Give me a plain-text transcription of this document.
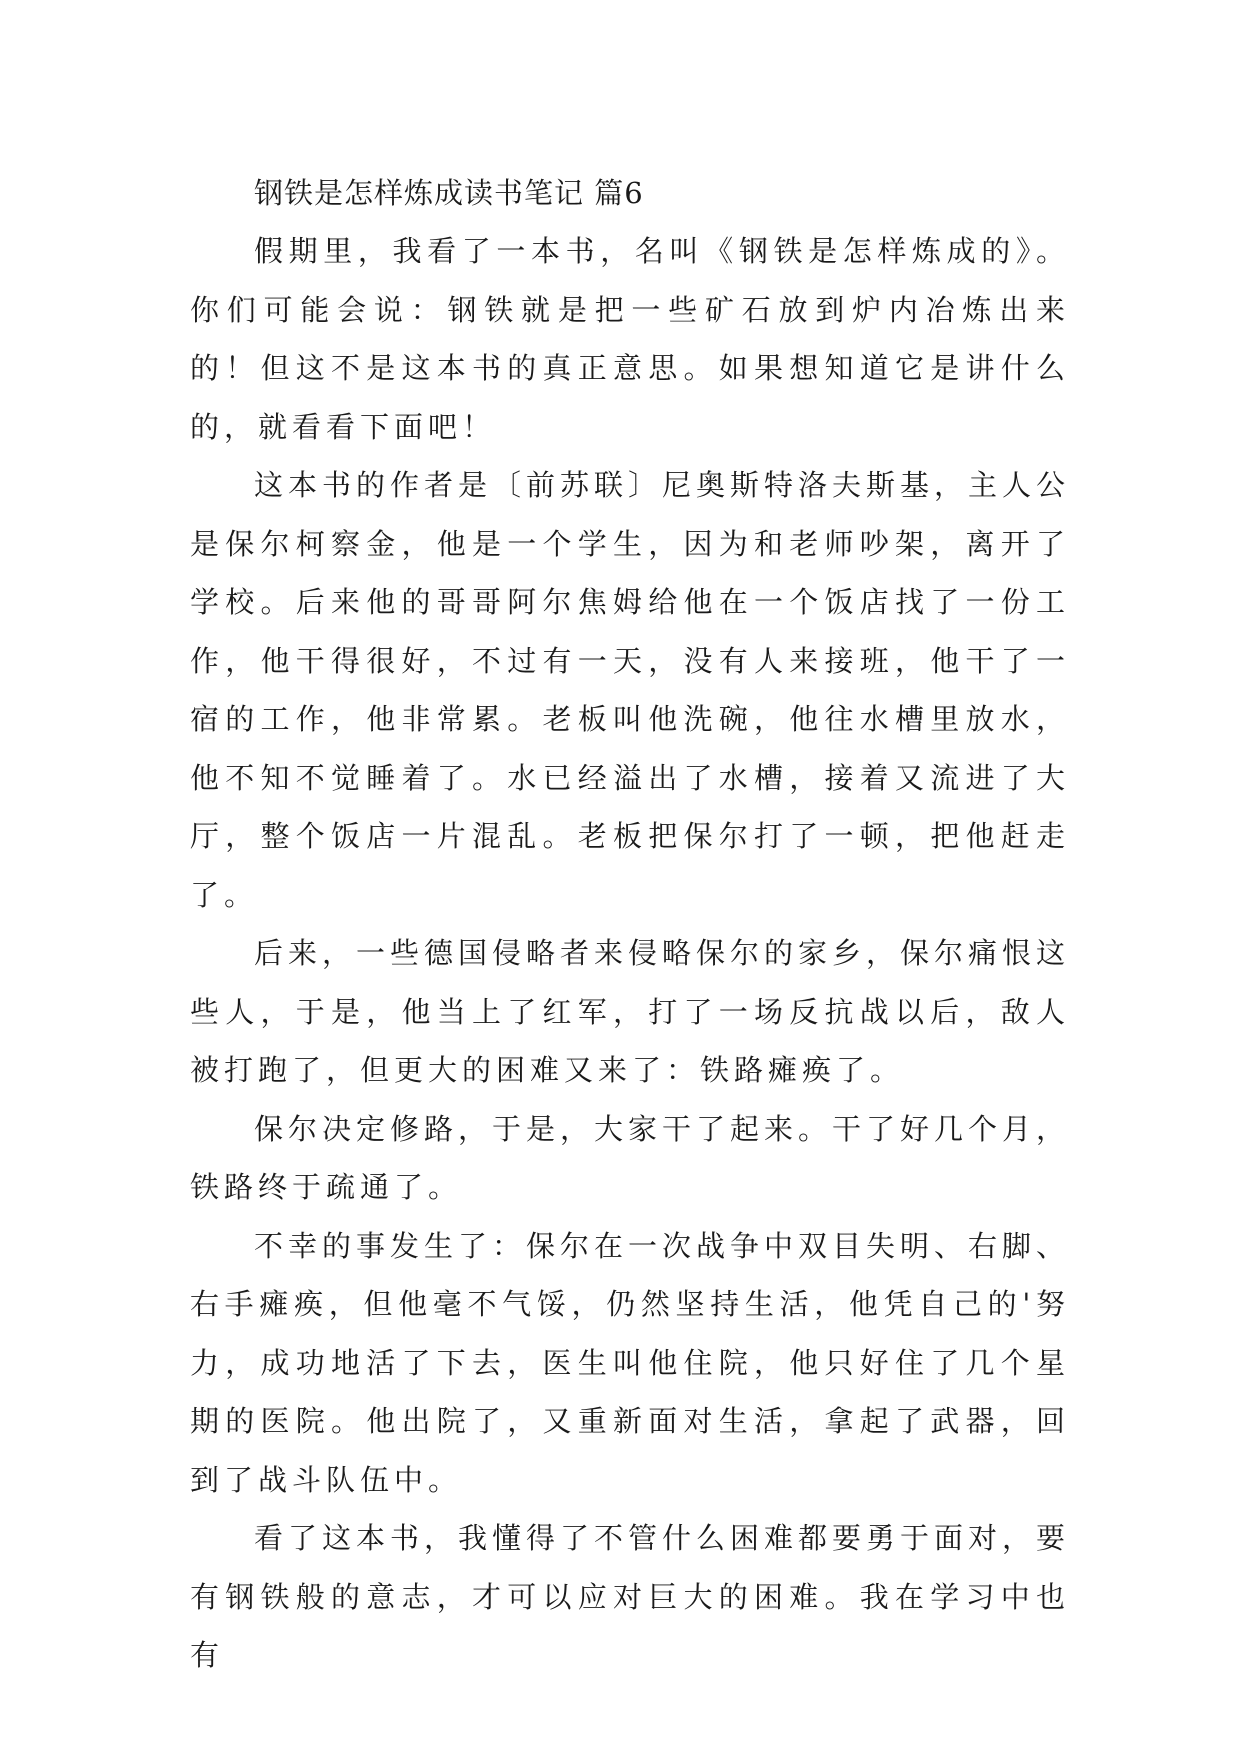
钢铁是怎样炼成读书笔记 篇6

假期里，我看了一本书，名叫《钢铁是怎样炼成的》。你们可能会说：钢铁就是把一些矿石放到炉内冶炼出来的！但这不是这本书的真正意思。如果想知道它是讲什么的，就看看下面吧！

这本书的作者是〔前苏联〕尼奥斯特洛夫斯基，主人公是保尔柯察金，他是一个学生，因为和老师吵架，离开了学校。后来他的哥哥阿尔焦姆给他在一个饭店找了一份工作，他干得很好，不过有一天，没有人来接班，他干了一宿的工作，他非常累。老板叫他洗碗，他往水槽里放水，他不知不觉睡着了。水已经溢出了水槽，接着又流进了大厅，整个饭店一片混乱。老板把保尔打了一顿，把他赶走了。

后来，一些德国侵略者来侵略保尔的家乡，保尔痛恨这些人，于是，他当上了红军，打了一场反抗战以后，敌人被打跑了，但更大的困难又来了：铁路瘫痪了。

保尔决定修路，于是，大家干了起来。干了好几个月，铁路终于疏通了。

不幸的事发生了：保尔在一次战争中双目失明、右脚、右手瘫痪，但他毫不气馁，仍然坚持生活，他凭自己的'努力，成功地活了下去，医生叫他住院，他只好住了几个星期的医院。他出院了，又重新面对生活，拿起了武器，回到了战斗队伍中。

看了这本书，我懂得了不管什么困难都要勇于面对，要有钢铁般的意志，才可以应对巨大的困难。我在学习中也有
